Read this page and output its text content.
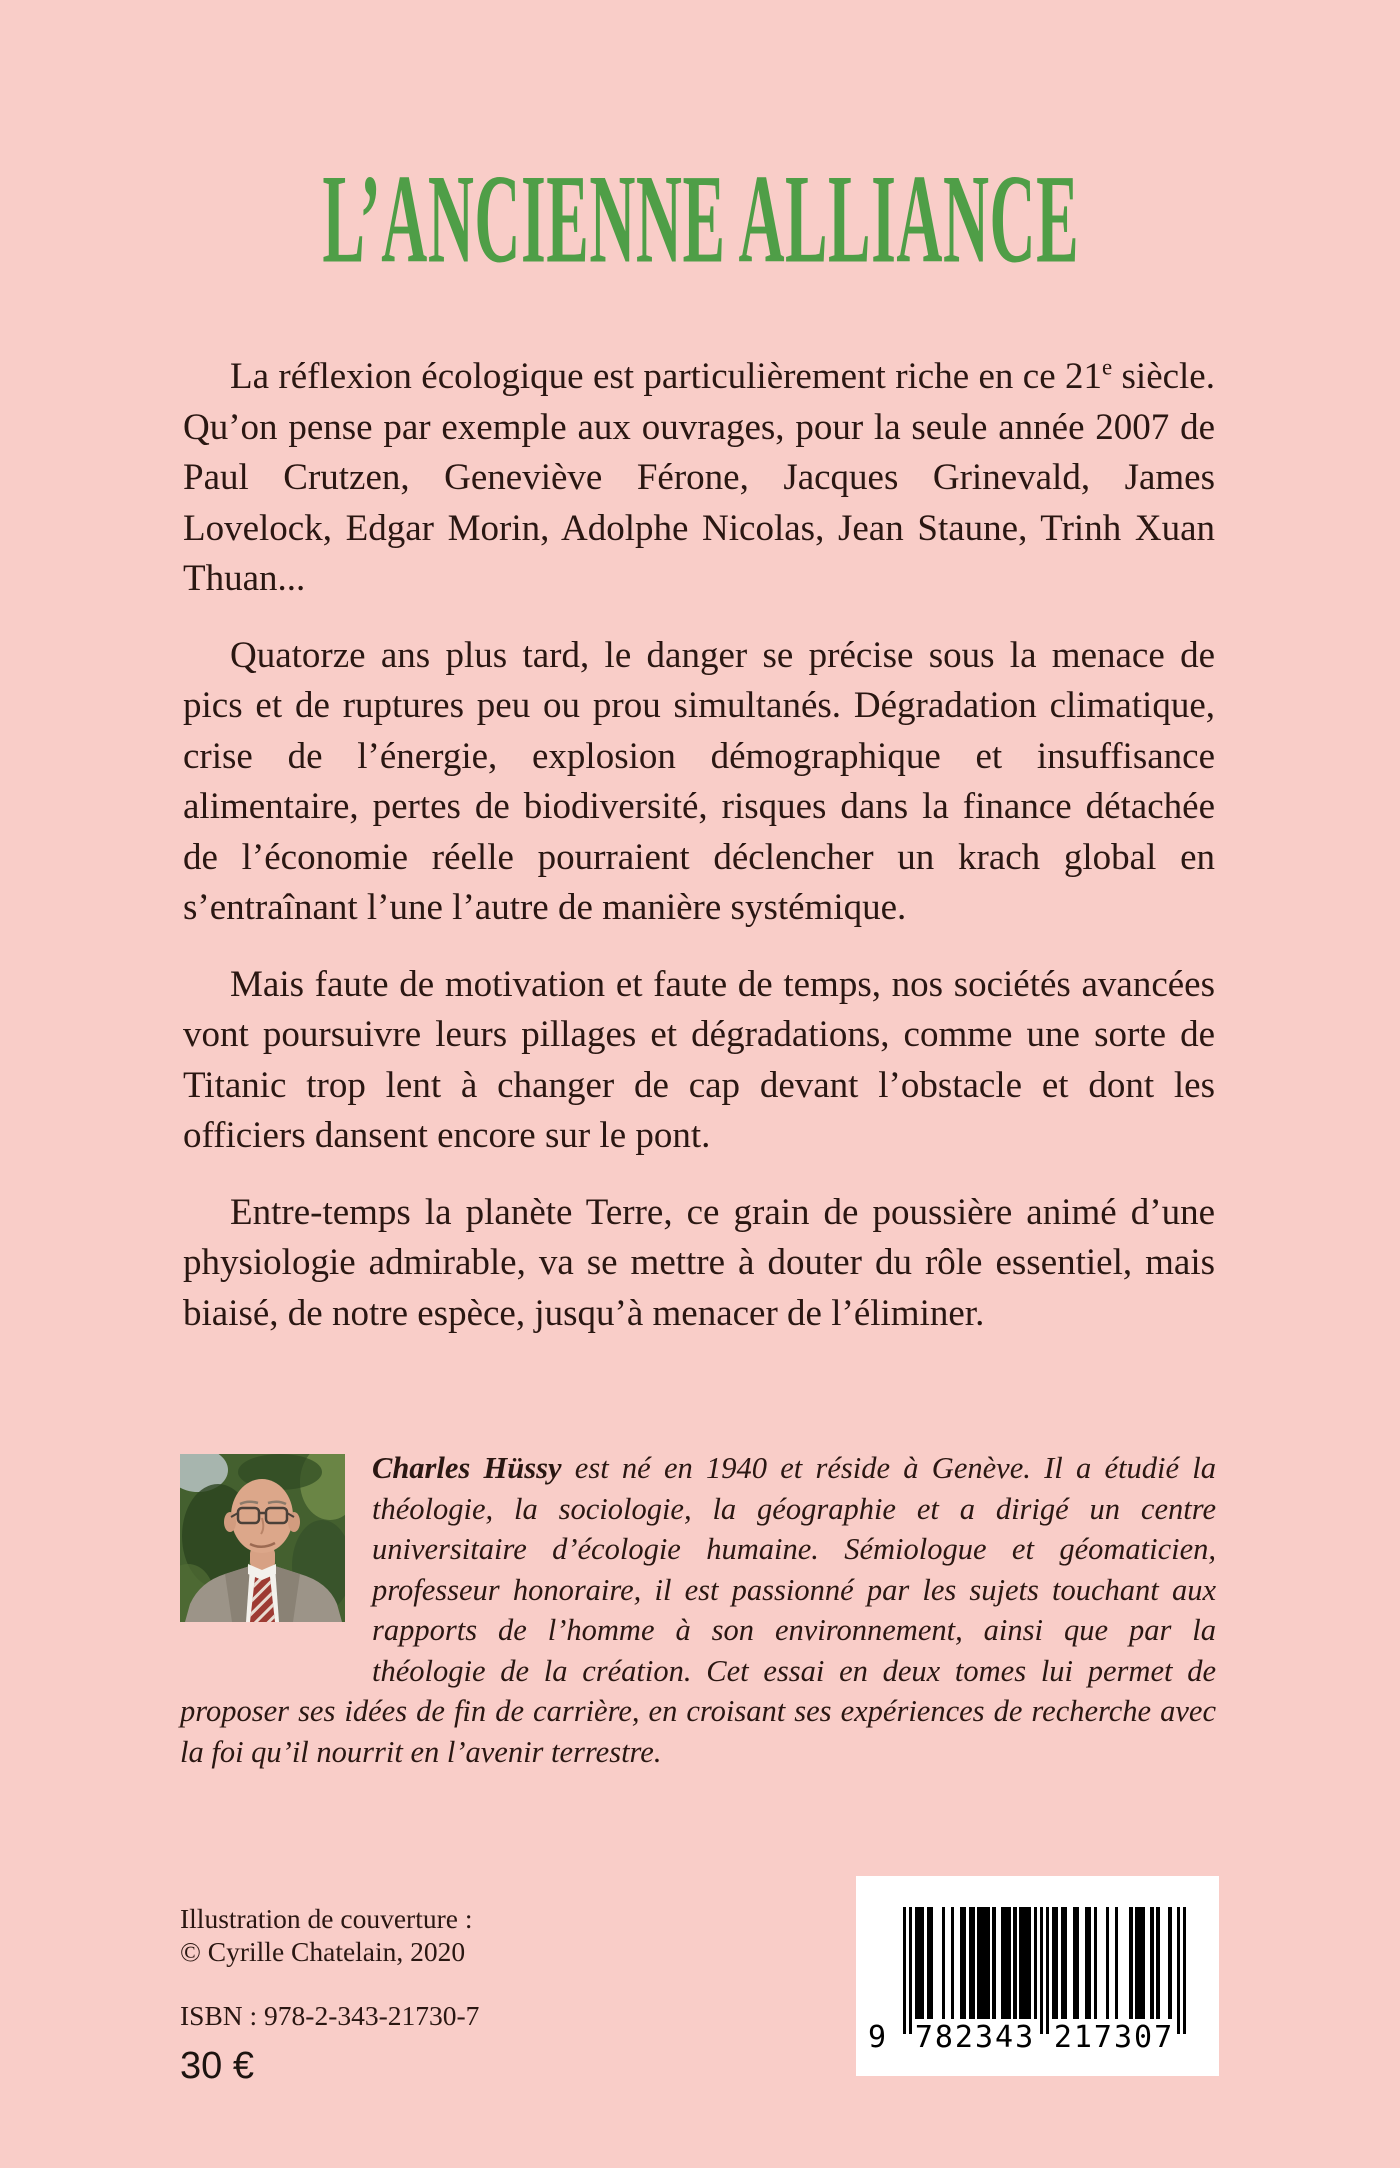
L’ANCIENNE ALLIANCE

La réflexion écologique est particulièrement riche en ce 21e siècle. Qu’on pense par exemple aux ouvrages, pour la seule année 2007 de Paul Crutzen, Geneviève Férone, Jacques Grinevald, James Lovelock, Edgar Morin, Adolphe Nicolas, Jean Staune, Trinh Xuan Thuan...

Quatorze ans plus tard, le danger se précise sous la menace de pics et de ruptures peu ou prou simultanés. Dégradation climatique, crise de l’énergie, explosion démographique et insuffisance alimentaire, pertes de biodiversité, risques dans la finance détachée de l’économie réelle pourraient déclencher un krach global en s’entraînant l’une l’autre de manière systémique.

Mais faute de motivation et faute de temps, nos sociétés avancées vont poursuivre leurs pillages et dégradations, comme une sorte de Titanic trop lent à changer de cap devant l’obstacle et dont les officiers dansent encore sur le pont.

Entre-temps la planète Terre, ce grain de poussière animé d’une physiologie admirable, va se mettre à douter du rôle essentiel, mais biaisé, de notre espèce, jusqu’à menacer de l’éliminer.

Charles Hüssy est né en 1940 et réside à Genève. Il a étudié la théologie, la sociologie, la géographie et a dirigé un centre universitaire d’écologie humaine. Sémiologue et géomaticien, professeur honoraire, il est passionné par les sujets touchant aux rapports de l’homme à son environnement, ainsi que par la théologie de la création. Cet essai en deux tomes lui permet de proposer ses idées de fin de carrière, en croisant ses expériences de recherche avec la foi qu’il nourrit en l’avenir terrestre.

Illustration de couverture :
© Cyrille Chatelain, 2020
ISBN : 978-2-343-21730-7
30 €
9 782343 217307
